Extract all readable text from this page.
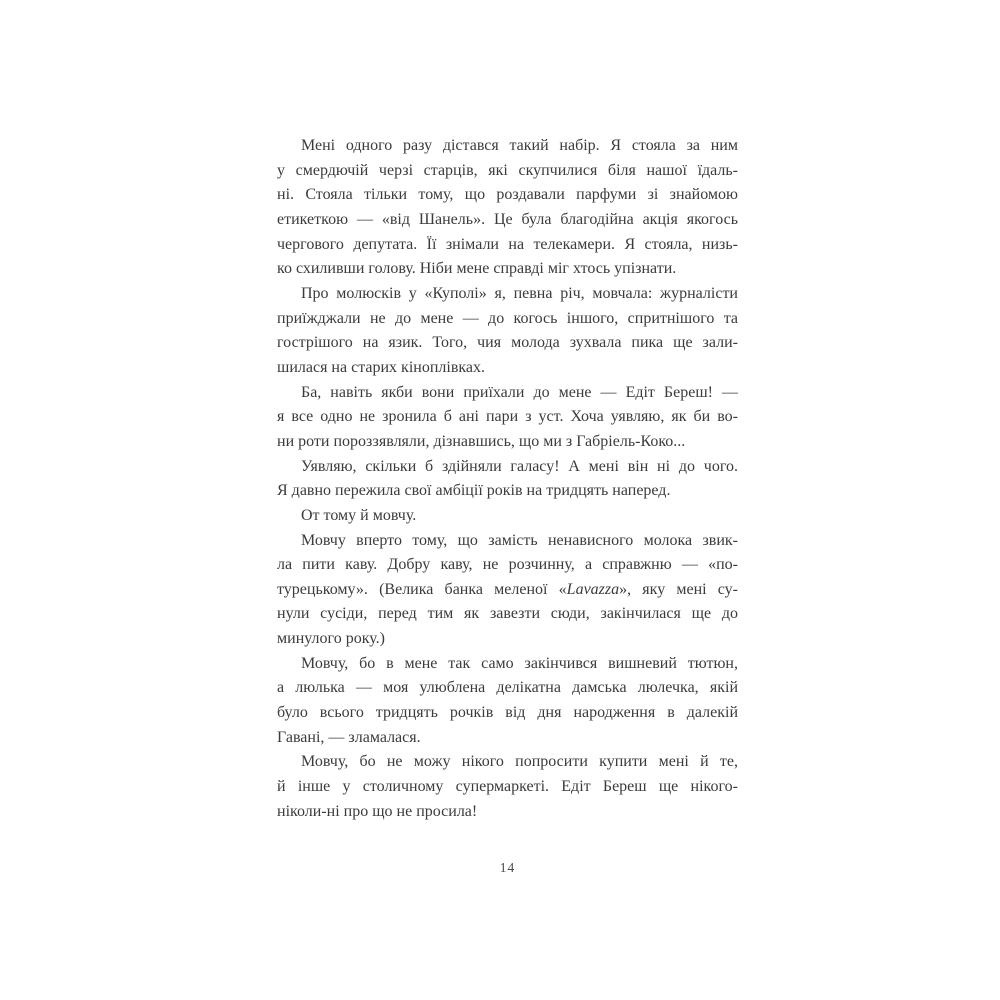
Мені одного разу дістався такий набір. Я стояла за ним
у смердючій черзі старців, які скупчилися біля нашої їдаль-
ні. Стояла тільки тому, що роздавали парфуми зі знайомою
етикеткою — «від Шанель». Це була благодійна акція якогось
чергового депутата. Її знімали на телекамери. Я стояла, низь-
ко схиливши голову. Ніби мене справді міг хтось упізнати.
Про молюсків у «Куполі» я, певна річ, мовчала: журналісти
приїжджали не до мене — до когось іншого, спритнішого та
гострішого на язик. Того, чия молода зухвала пика ще зали-
шилася на старих кіноплівках.
Ба, навіть якби вони приїхали до мене — Едіт Береш! —
я все одно не зронила б ані пари з уст. Хоча уявляю, як би во-
ни роти пороззявляли, дізнавшись, що ми з Габріель-Коко...
Уявляю, скільки б здійняли галасу! А мені він ні до чого.
Я давно пережила свої амбіції років на тридцять наперед.
От тому й мовчу.
Мовчу вперто тому, що замість ненависного молока звик-
ла пити каву. Добру каву, не розчинну, а справжню — «по-
турецькому». (Велика банка меленої «Lavazza», яку мені су-
нули сусіди, перед тим як завезти сюди, закінчилася ще до
минулого року.)
Мовчу, бо в мене так само закінчився вишневий тютюн,
а люлька — моя улюблена делікатна дамська люлечка, якій
було всього тридцять рочків від дня народження в далекій
Гавані, — зламалася.
Мовчу, бо не можу нікого попросити купити мені й те,
й інше у столичному супермаркеті. Едіт Береш ще нікого-
ніколи-ні про що не просила!
14
